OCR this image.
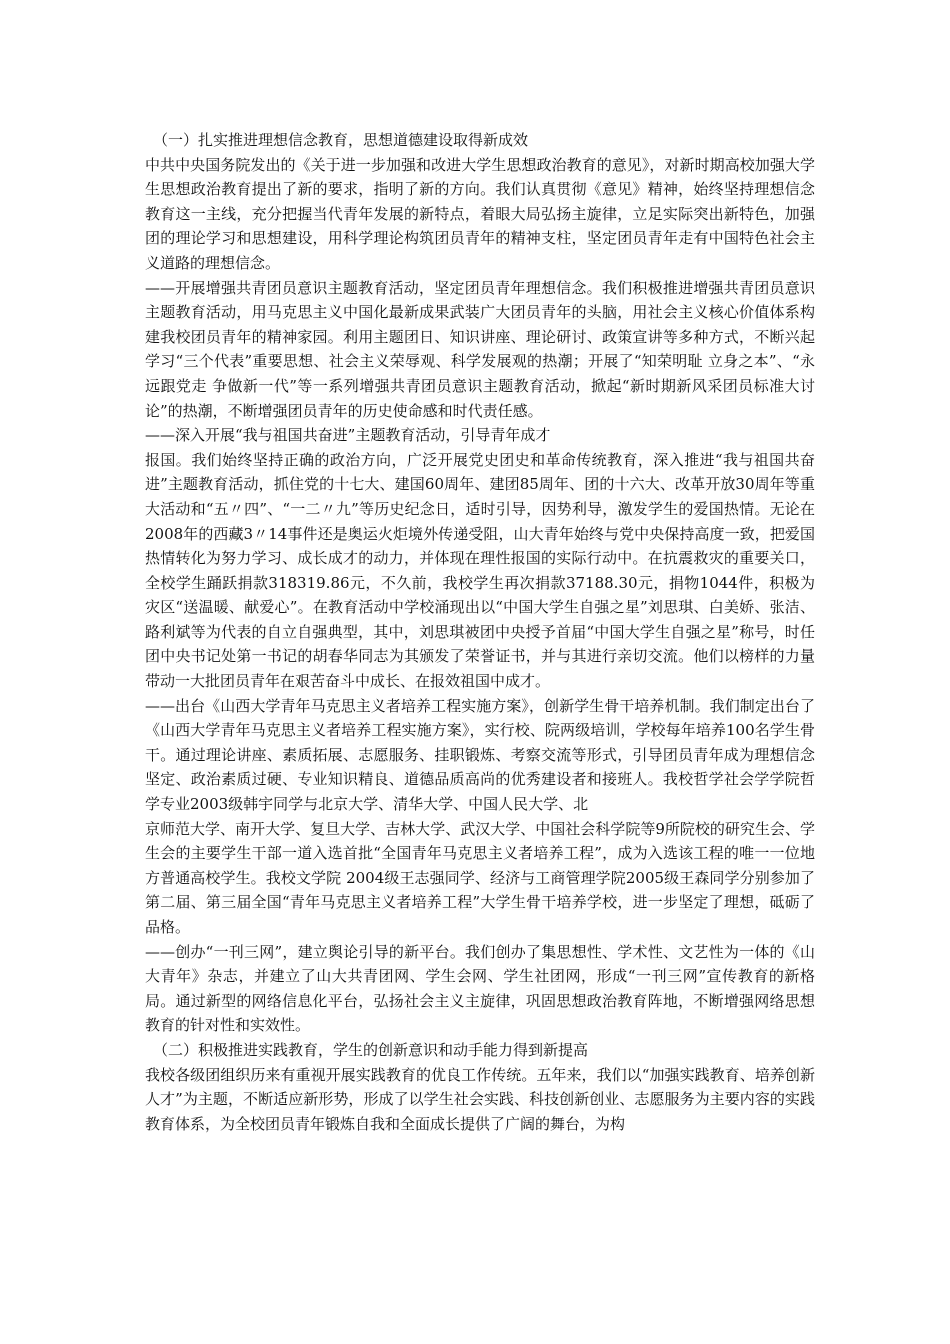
（一）扎实推进理想信念教育，思想道德建设取得新成效

中共中央国务院发出的《关于进一步加强和改进大学生思想政治教育的意见》，对新时期高校加强大学生思想政治教育提出了新的要求，指明了新的方向。我们认真贯彻《意见》精神，始终坚持理想信念教育这一主线，充分把握当代青年发展的新特点，着眼大局弘扬主旋律，立足实际突出新特色，加强团的理论学习和思想建设，用科学理论构筑团员青年的精神支柱，坚定团员青年走有中国特色社会主义道路的理想信念。

——开展增强共青团员意识主题教育活动，坚定团员青年理想信念。我们积极推进增强共青团员意识主题教育活动，用马克思主义中国化最新成果武装广大团员青年的头脑，用社会主义核心价值体系构建我校团员青年的精神家园。利用主题团日、知识讲座、理论研讨、政策宣讲等多种方式，不断兴起学习“三个代表”重要思想、社会主义荣辱观、科学发展观的热潮；开展了“知荣明耻 立身之本”、“永远跟党走 争做新一代”等一系列增强共青团员意识主题教育活动，掀起“新时期新风采团员标准大讨论”的热潮，不断增强团员青年的历史使命感和时代责任感。

——深入开展“我与祖国共奋进”主题教育活动，引导青年成才

报国。我们始终坚持正确的政治方向，广泛开展党史团史和革命传统教育，深入推进“我与祖国共奋进”主题教育活动，抓住党的十七大、建国60周年、建团85周年、团的十六大、改革开放30周年等重大活动和“五〃四”、“一二〃九”等历史纪念日，适时引导，因势利导，激发学生的爱国热情。无论在2008年的西藏3〃14事件还是奥运火炬境外传递受阻，山大青年始终与党中央保持高度一致，把爱国热情转化为努力学习、成长成才的动力，并体现在理性报国的实际行动中。在抗震救灾的重要关口，全校学生踊跃捐款318319.86元，不久前，我校学生再次捐款37188.30元，捐物1044件，积极为灾区“送温暖、献爱心”。在教育活动中学校涌现出以“中国大学生自强之星”刘思琪、白美娇、张洁、路利斌等为代表的自立自强典型，其中，刘思琪被团中央授予首届“中国大学生自强之星”称号，时任团中央书记处第一书记的胡春华同志为其颁发了荣誉证书，并与其进行亲切交流。他们以榜样的力量带动一大批团员青年在艰苦奋斗中成长、在报效祖国中成才。

——出台《山西大学青年马克思主义者培养工程实施方案》，创新学生骨干培养机制。我们制定出台了《山西大学青年马克思主义者培养工程实施方案》，实行校、院两级培训，学校每年培养100名学生骨干。通过理论讲座、素质拓展、志愿服务、挂职锻炼、考察交流等形式，引导团员青年成为理想信念坚定、政治素质过硬、专业知识精良、道德品质高尚的优秀建设者和接班人。我校哲学社会学学院哲学专业2003级韩宇同学与北京大学、清华大学、中国人民大学、北

京师范大学、南开大学、复旦大学、吉林大学、武汉大学、中国社会科学院等9所院校的研究生会、学生会的主要学生干部一道入选首批“全国青年马克思主义者培养工程”，成为入选该工程的唯一一位地方普通高校学生。我校文学院 2004级王志强同学、经济与工商管理学院2005级王森同学分别参加了第二届、第三届全国“青年马克思主义者培养工程”大学生骨干培养学校，进一步坚定了理想，砥砺了品格。

——创办“一刊三网”，建立舆论引导的新平台。我们创办了集思想性、学术性、文艺性为一体的《山大青年》杂志，并建立了山大共青团网、学生会网、学生社团网，形成“一刊三网”宣传教育的新格局。通过新型的网络信息化平台，弘扬社会主义主旋律，巩固思想政治教育阵地，不断增强网络思想教育的针对性和实效性。

（二）积极推进实践教育，学生的创新意识和动手能力得到新提高

我校各级团组织历来有重视开展实践教育的优良工作传统。五年来，我们以“加强实践教育、培养创新人才”为主题，不断适应新形势，形成了以学生社会实践、科技创新创业、志愿服务为主要内容的实践教育体系，为全校团员青年锻炼自我和全面成长提供了广阔的舞台，为构
